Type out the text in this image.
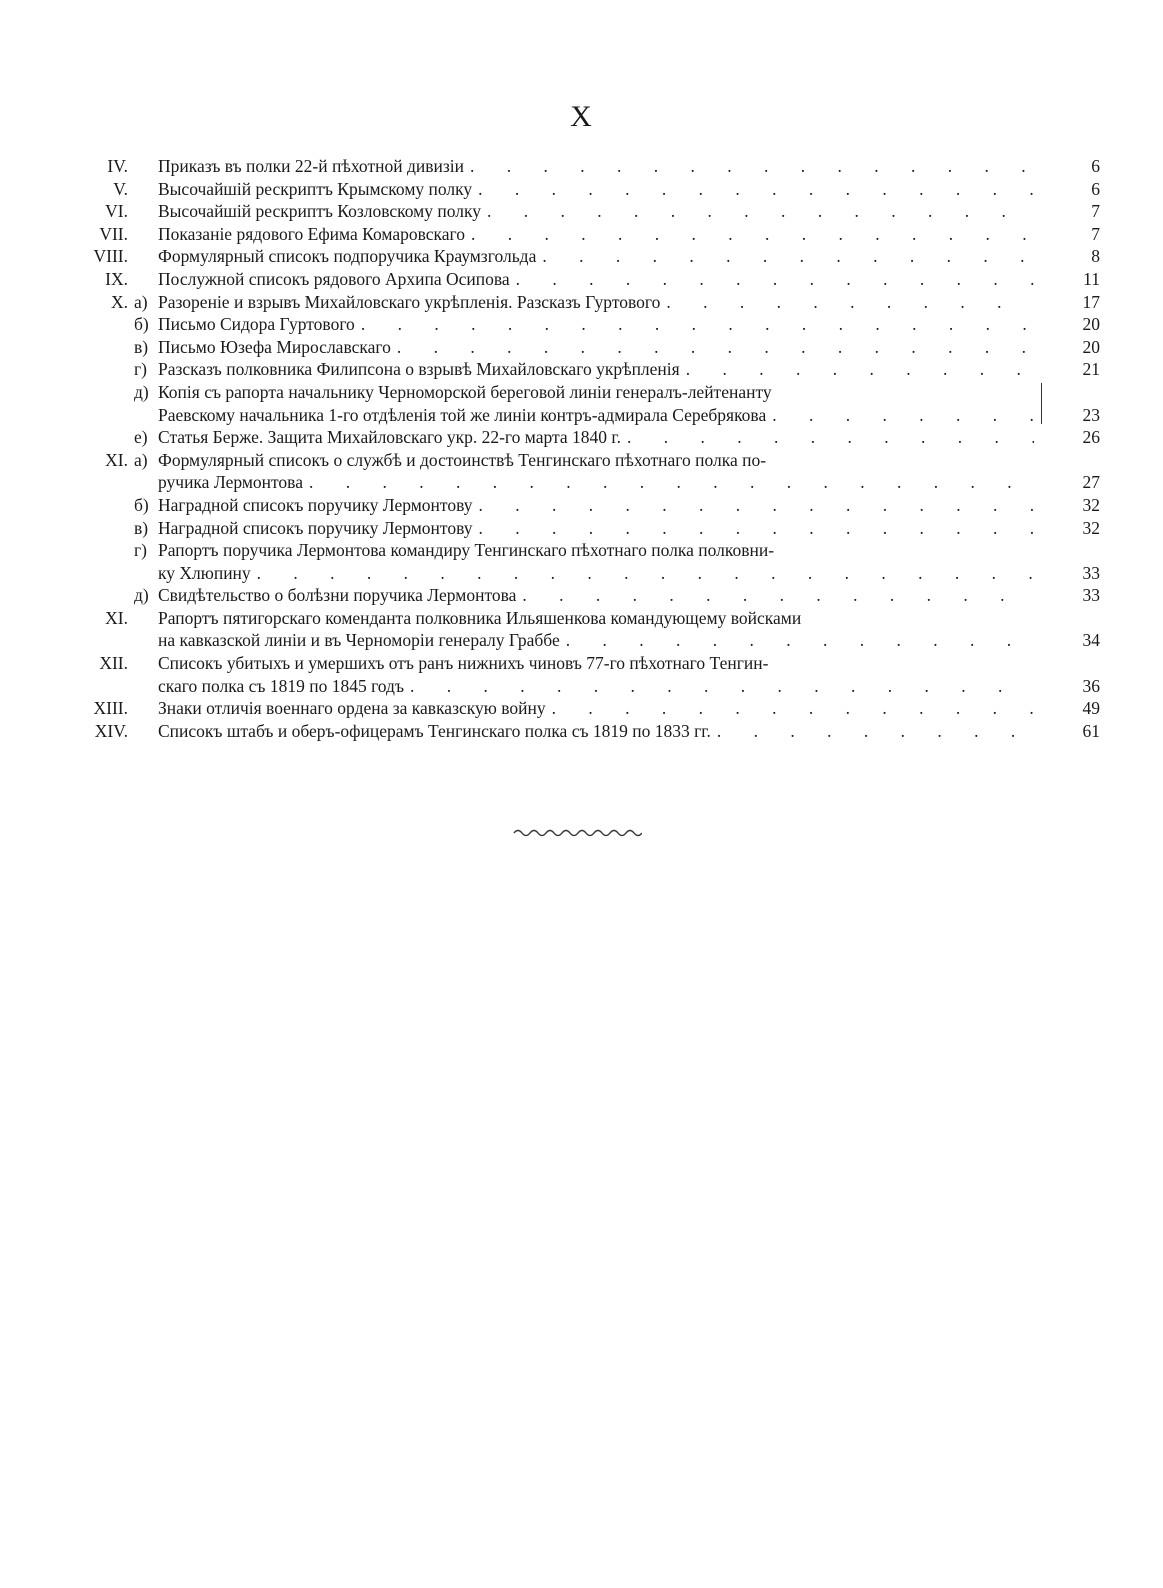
X
IV.	Приказъ въ полки 22-й пѣхотной дивизіи . . .	6
V.	Высочайшій рескриптъ Крымскому полку . . .	6
VI.	Высочайшій рескриптъ Козловскому полку . . .	7
VII.	Показаніе рядового Ефима Комаровскаго . . .	7
VIII.	Формулярный списокъ подпоручика Краумзгольда . . .	8
IX.	Послужной списокъ рядового Архипа Осипова . . .	11
X. а) Разореніе и взрывъ Михайловскаго укрѣпленія. Разсказъ Гуртового . . .	17
б) Письмо Сидора Гуртового . . .	20
в) Письмо Юзефа Мирославскаго . . .	20
г) Разсказъ полковника Филипсона о взрывѣ Михайловскаго укрѣпленія . . .	21
д) Копія съ рапорта начальнику Черноморской береговой линіи генералъ-лейтенанту
Раевскому начальника 1-го отдѣленія той же линіи контръ-адмирала Серебрякова . . .	23
е) Статья Берже. Защита Михайловскаго укр. 22-го марта 1840 г. . . .	26
XI. а) Формулярный списокъ о службѣ и достоинствѣ Тенгинскаго пѣхотнаго полка по-
ручика Лермонтова . . .	27
б) Наградной списокъ поручику Лермонтову . . .	32
в) Наградной списокъ поручику Лермонтову . . .	32
г) Рапортъ поручика Лермонтова командиру Тенгинскаго пѣхотнаго полка полковни-
ку Хлюпину . . .	33
д) Свидѣтельство о болѣзни поручика Лермонтова . . .	33
XI.	Рапортъ пятигорскаго коменданта полковника Ильяшенкова командующему войсками
на кавказской линіи и въ Черноморіи генералу Граббе . . .	34
XII.	Списокъ убитыхъ и умершихъ отъ ранъ нижнихъ чиновъ 77-го пѣхотнаго Тенгин-
скаго полка съ 1819 по 1845 годъ . . .	36
XIII.	Знаки отличія военнаго ордена за кавказскую войну . . .	49
XIV.	Списокъ штабъ и оберъ-офицерамъ Тенгинскаго полка съ 1819 по 1833 гг. . . .	61
